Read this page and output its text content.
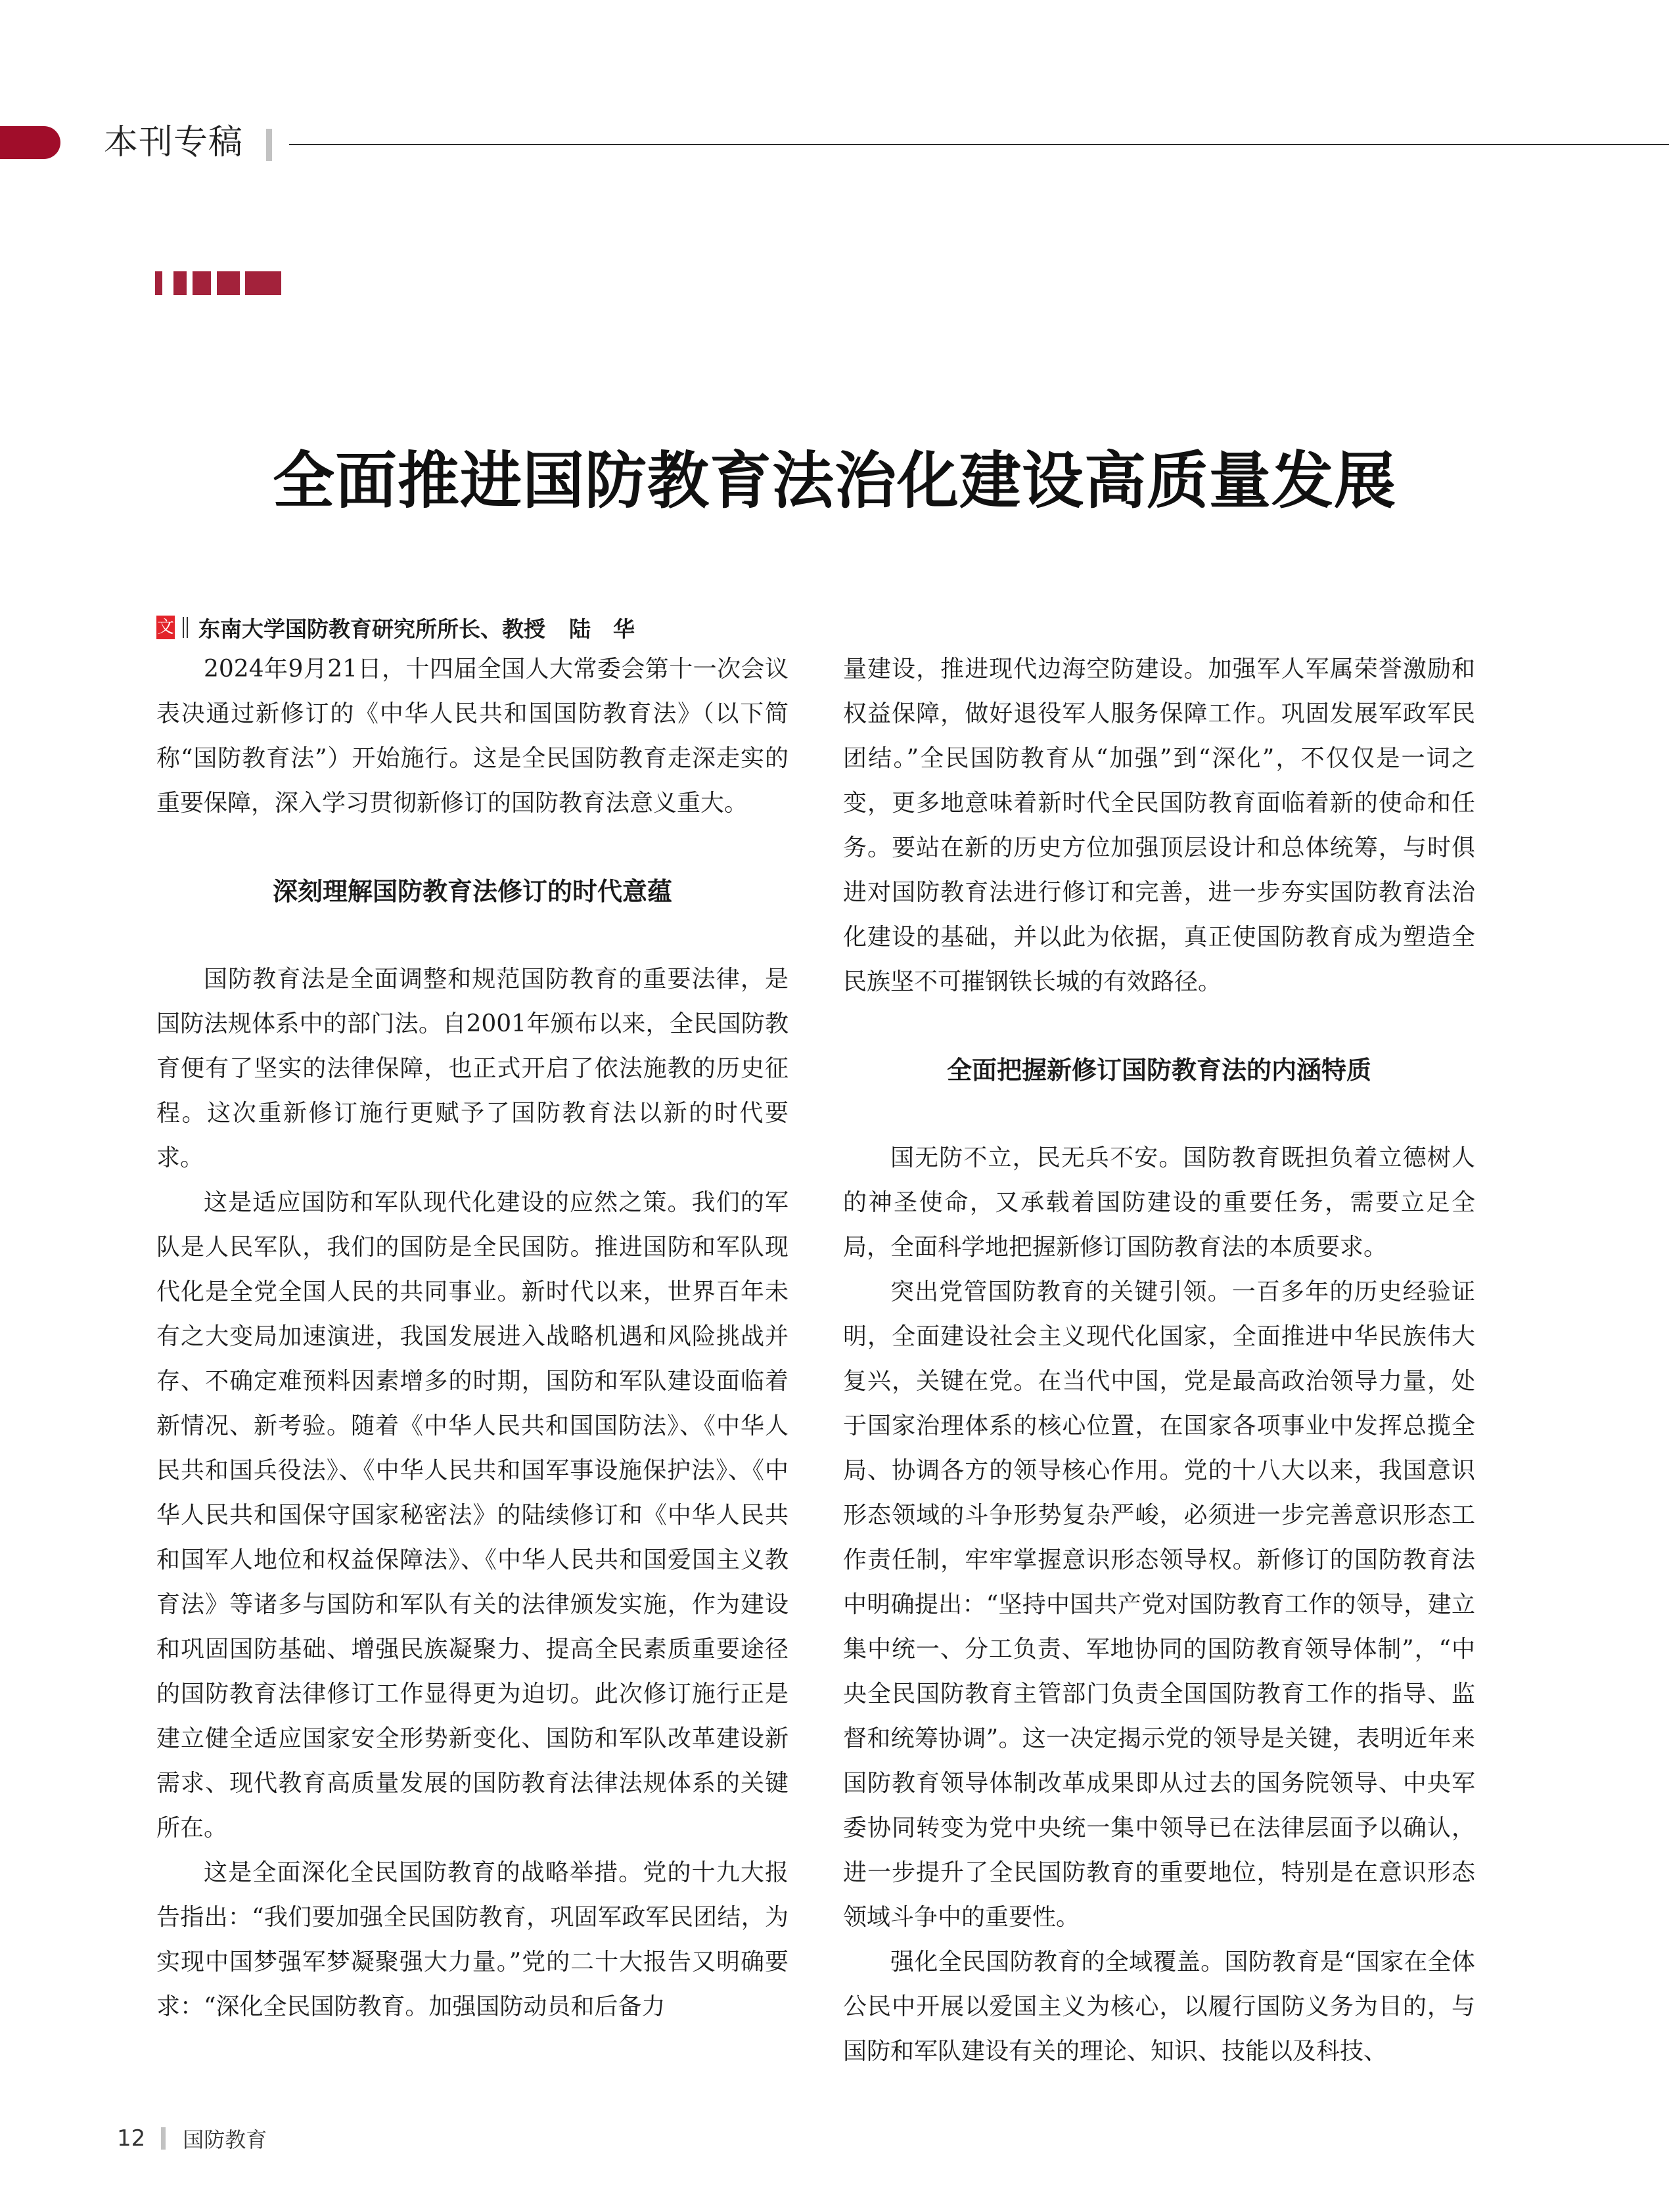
本刊专稿
全面推进国防教育法治化建设高质量发展
文 东南大学国防教育研究所所长、教授 陆华

2024年9月21日，十四届全国人大常委会第十一次会议表决通过新修订的《中华人民共和国国防教育法》（以下简称“国防教育法”）开始施行。这是全民国防教育走深走实的重要保障，深入学习贯彻新修订的国防教育法意义重大。

深刻理解国防教育法修订的时代意蕴

国防教育法是全面调整和规范国防教育的重要法律，是国防法规体系中的部门法。自2001年颁布以来，全民国防教育便有了坚实的法律保障，也正式开启了依法施教的历史征程。这次重新修订施行更赋予了国防教育法以新的时代要求。

这是适应国防和军队现代化建设的应然之策。我们的军队是人民军队，我们的国防是全民国防。推进国防和军队现代化是全党全国人民的共同事业。新时代以来，世界百年未有之大变局加速演进，我国发展进入战略机遇和风险挑战并存、不确定难预料因素增多的时期，国防和军队建设面临着新情况、新考验。随着《中华人民共和国国防法》、《中华人民共和国兵役法》、《中华人民共和国军事设施保护法》、《中华人民共和国保守国家秘密法》的陆续修订和《中华人民共和国军人地位和权益保障法》、《中华人民共和国爱国主义教育法》等诸多与国防和军队有关的法律颁发实施，作为建设和巩固国防基础、增强民族凝聚力、提高全民素质重要途径的国防教育法律修订工作显得更为迫切。此次修订施行正是建立健全适应国家安全形势新变化、国防和军队改革建设新需求、现代教育高质量发展的国防教育法律法规体系的关键所在。

这是全面深化全民国防教育的战略举措。党的十九大报告指出：“我们要加强全民国防教育，巩固军政军民团结，为实现中国梦强军梦凝聚强大力量。”党的二十大报告又明确要求：“深化全民国防教育。加强国防动员和后备力

量建设，推进现代边海空防建设。加强军人军属荣誉激励和权益保障，做好退役军人服务保障工作。巩固发展军政军民团结。”全民国防教育从“加强”到“深化”，不仅仅是一词之变，更多地意味着新时代全民国防教育面临着新的使命和任务。要站在新的历史方位加强顶层设计和总体统筹，与时俱进对国防教育法进行修订和完善，进一步夯实国防教育法治化建设的基础，并以此为依据，真正使国防教育成为塑造全民族坚不可摧钢铁长城的有效路径。

全面把握新修订国防教育法的内涵特质

国无防不立，民无兵不安。国防教育既担负着立德树人的神圣使命，又承载着国防建设的重要任务，需要立足全局，全面科学地把握新修订国防教育法的本质要求。

突出党管国防教育的关键引领。一百多年的历史经验证明，全面建设社会主义现代化国家，全面推进中华民族伟大复兴，关键在党。在当代中国，党是最高政治领导力量，处于国家治理体系的核心位置，在国家各项事业中发挥总揽全局、协调各方的领导核心作用。党的十八大以来，我国意识形态领域的斗争形势复杂严峻，必须进一步完善意识形态工作责任制，牢牢掌握意识形态领导权。新修订的国防教育法中明确提出：“坚持中国共产党对国防教育工作的领导，建立集中统一、分工负责、军地协同的国防教育领导体制”，“中央全民国防教育主管部门负责全国国防教育工作的指导、监督和统筹协调”。这一决定揭示党的领导是关键，表明近年来国防教育领导体制改革成果即从过去的国务院领导、中央军委协同转变为党中央统一集中领导已在法律层面予以确认，进一步提升了全民国防教育的重要地位，特别是在意识形态领域斗争中的重要性。

强化全民国防教育的全域覆盖。国防教育是“国家在全体公民中开展以爱国主义为核心，以履行国防义务为目的，与国防和军队建设有关的理论、知识、技能以及科技、

12 国防教育
